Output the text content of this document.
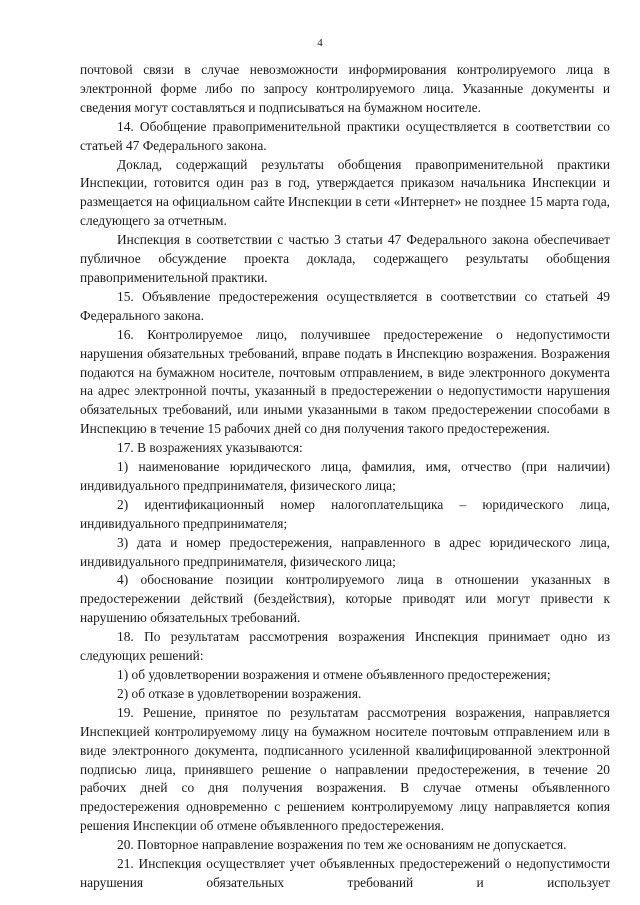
4

почтовой связи в случае невозможности информирования контролируемого лица в электронной форме либо по запросу контролируемого лица. Указанные документы и сведения могут составляться и подписываться на бумажном носителе.

14. Обобщение правоприменительной практики осуществляется в соответствии со статьей 47 Федерального закона.

Доклад, содержащий результаты обобщения правоприменительной практики Инспекции, готовится один раз в год, утверждается приказом начальника Инспекции и размещается на официальном сайте Инспекции в сети «Интернет» не позднее 15 марта года, следующего за отчетным.

Инспекция в соответствии с частью 3 статьи 47 Федерального закона обеспечивает публичное обсуждение проекта доклада, содержащего результаты обобщения правоприменительной практики.

15. Объявление предостережения осуществляется в соответствии со статьей 49 Федерального закона.

16. Контролируемое лицо, получившее предостережение о недопустимости нарушения обязательных требований, вправе подать в Инспекцию возражения. Возражения подаются на бумажном носителе, почтовым отправлением, в виде электронного документа на адрес электронной почты, указанный в предостережении о недопустимости нарушения обязательных требований, или иными указанными в таком предостережении способами в Инспекцию в течение 15 рабочих дней со дня получения такого предостережения.

17. В возражениях указываются:

1) наименование юридического лица, фамилия, имя, отчество (при наличии) индивидуального предпринимателя, физического лица;

2) идентификационный номер налогоплательщика – юридического лица, индивидуального предпринимателя;

3) дата и номер предостережения, направленного в адрес юридического лица, индивидуального предпринимателя, физического лица;

4) обоснование позиции контролируемого лица в отношении указанных в предостережении действий (бездействия), которые приводят или могут привести к нарушению обязательных требований.

18. По результатам рассмотрения возражения Инспекция принимает одно из следующих решений:

1) об удовлетворении возражения и отмене объявленного предостережения;

2) об отказе в удовлетворении возражения.

19. Решение, принятое по результатам рассмотрения возражения, направляется Инспекцией контролируемому лицу на бумажном носителе почтовым отправлением или в виде электронного документа, подписанного усиленной квалифицированной электронной подписью лица, принявшего решение о направлении предостережения, в течение 20 рабочих дней со дня получения возражения. В случае отмены объявленного предостережения одновременно с решением контролируемому лицу направляется копия решения Инспекции об отмене объявленного предостережения.

20. Повторное направление возражения по тем же основаниям не допускается.

21. Инспекция осуществляет учет объявленных предостережений о недопустимости нарушения обязательных требований и использует
